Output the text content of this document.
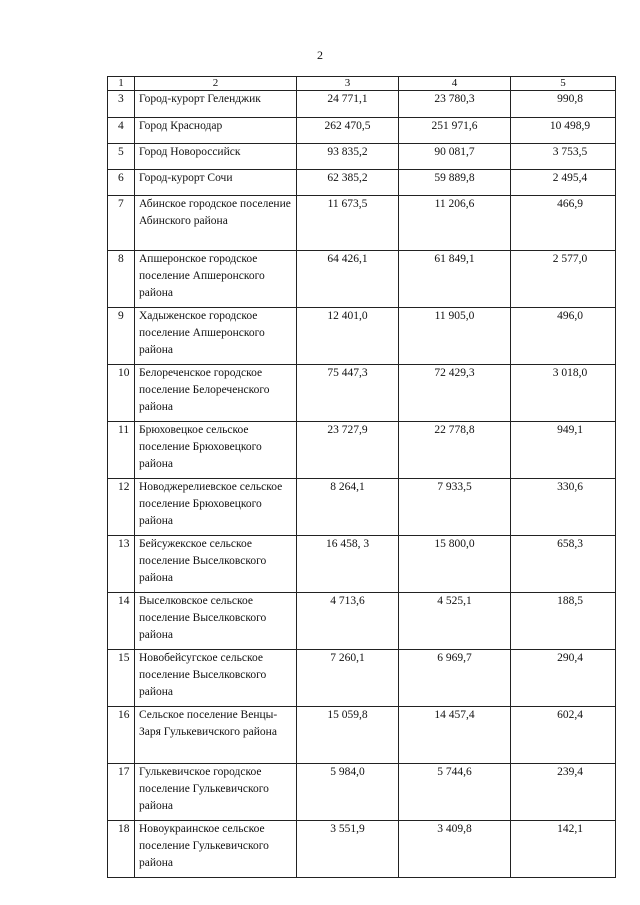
2
1	2	3	4	5
3	Город-курорт Геленджик	24 771,1	23 780,3	990,8
4	Город Краснодар	262 470,5	251 971,6	10 498,9
5	Город Новороссийск	93 835,2	90 081,7	3 753,5
6	Город-курорт Сочи	62 385,2	59 889,8	2 495,4
7	Абинское городское поселение Абинского района	11 673,5	11 206,6	466,9
8	Апшеронское городское поселение Апшеронского района	64 426,1	61 849,1	2 577,0
9	Хадыженское городское поселение Апшеронского района	12 401,0	11 905,0	496,0
10	Белореченское городское поселение Белореченского района	75 447,3	72 429,3	3 018,0
11	Брюховецкое сельское поселение Брюховецкого района	23 727,9	22 778,8	949,1
12	Новоджерелиевское сельское поселение Брюховецкого района	8 264,1	7 933,5	330,6
13	Бейсужекское сельское поселение Выселковского района	16 458, 3	15 800,0	658,3
14	Выселковское сельское поселение Выселковского района	4 713,6	4 525,1	188,5
15	Новобейсугское сельское поселение Выселковского района	7 260,1	6 969,7	290,4
16	Сельское поселение Венцы-Заря Гулькевичского района	15 059,8	14 457,4	602,4
17	Гулькевичское городское поселение Гулькевичского района	5 984,0	5 744,6	239,4
18	Новоукраинское сельское поселение Гулькевичского района	3 551,9	3 409,8	142,1
